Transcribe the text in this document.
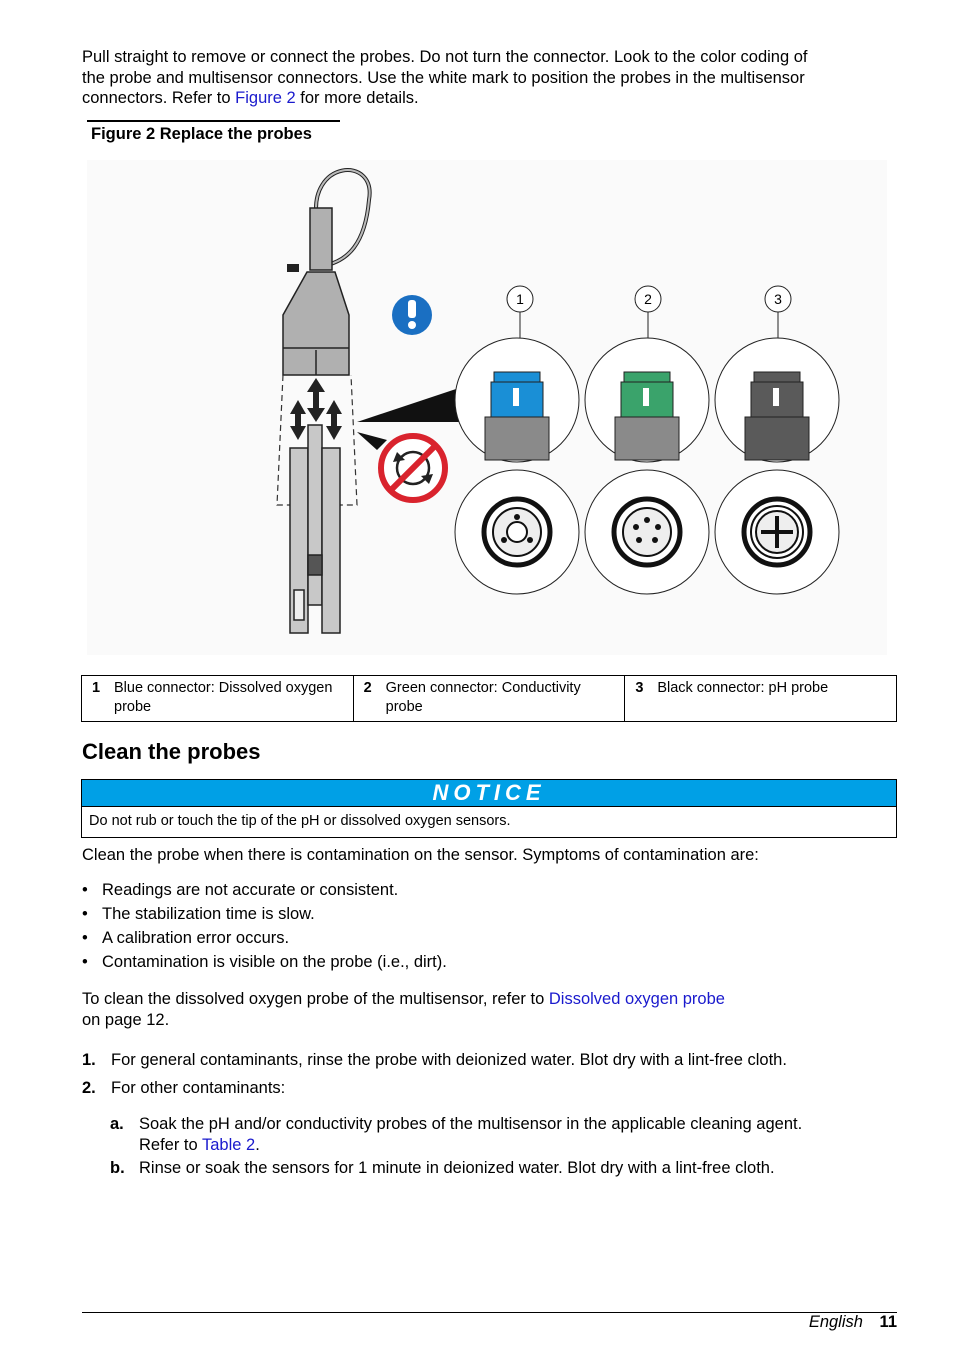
Pull straight to remove or connect the probes. Do not turn the connector. Look to the color coding of
the probe and multisensor connectors. Use the white mark to position the probes in the multisensor
connectors. Refer to Figure 2 for more details.
Figure 2 Replace the probes
1	2	3
1 Blue connector: Dissolved oxygen probe	2 Green connector: Conductivity probe	3 Black connector: pH probe
Clean the probes
NOTICE
Do not rub or touch the tip of the pH or dissolved oxygen sensors.
Clean the probe when there is contamination on the sensor. Symptoms of contamination are:
• Readings are not accurate or consistent.
• The stabilization time is slow.
• A calibration error occurs.
• Contamination is visible on the probe (i.e., dirt).
To clean the dissolved oxygen probe of the multisensor, refer to Dissolved oxygen probe
on page 12.
1. For general contaminants, rinse the probe with deionized water. Blot dry with a lint-free cloth.
2. For other contaminants:
a. Soak the pH and/or conductivity probes of the multisensor in the applicable cleaning agent.
Refer to Table 2.
b. Rinse or soak the sensors for 1 minute in deionized water. Blot dry with a lint-free cloth.
English 11
